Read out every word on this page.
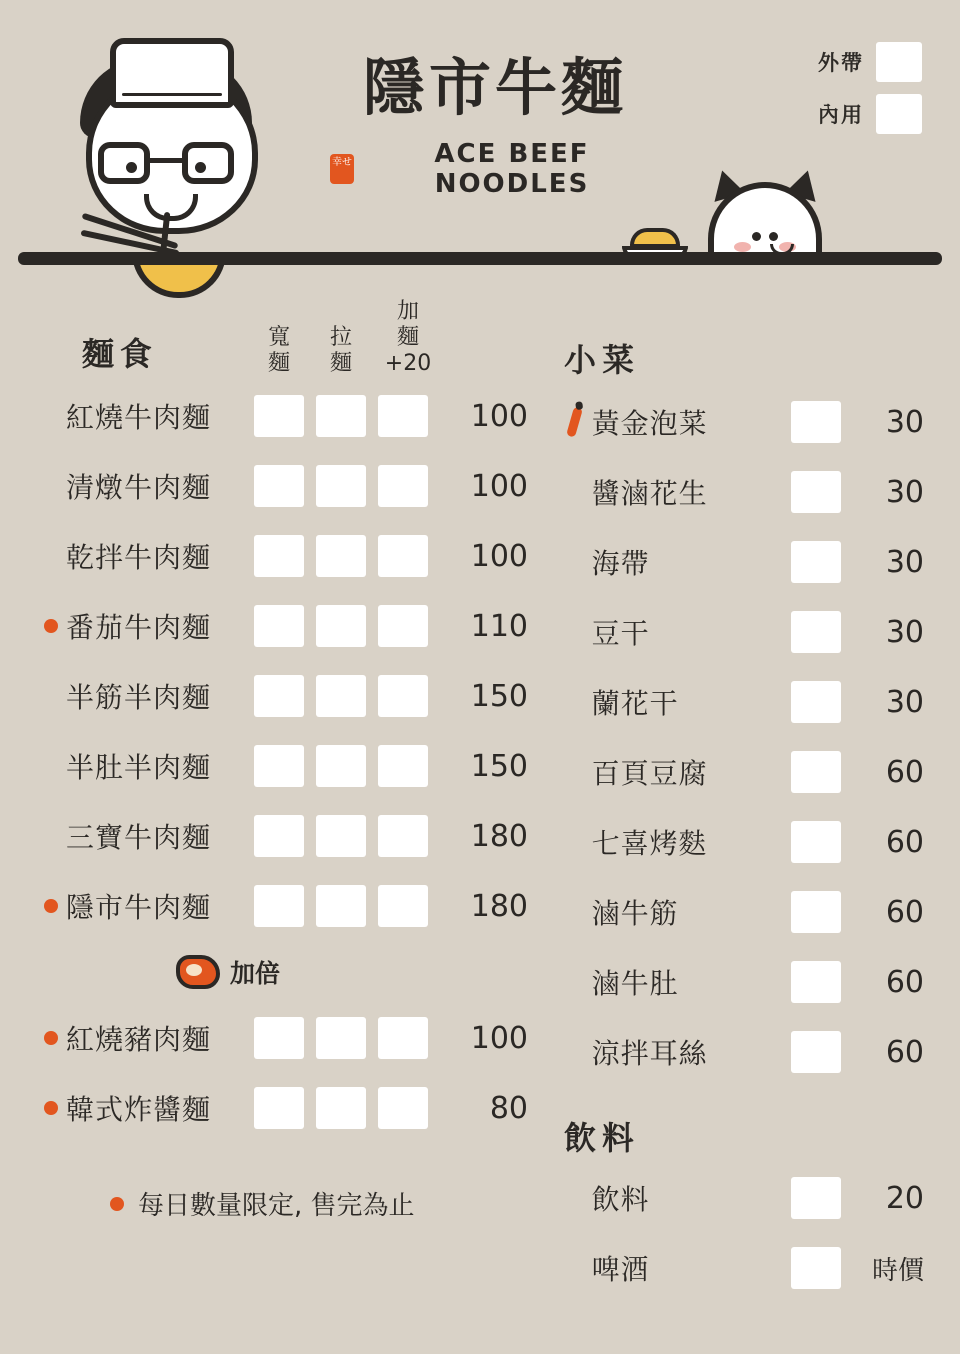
隱市牛麵
幸せ	ACE BEEF NOODLES
外帶
內用
麵食	寬
麵
拉
麵
加
麵
+20
紅燒牛肉麵	100
清燉牛肉麵	100
乾拌牛肉麵	100
番茄牛肉麵	110
半筋半肉麵	150
半肚半肉麵	150
三寶牛肉麵	180
隱市牛肉麵	180
加倍
紅燒豬肉麵	100
韓式炸醬麵	80
每日數量限定, 售完為止
小菜
黃金泡菜	30
醬滷花生	30
海帶	30
豆干	30
蘭花干	30
百頁豆腐	60
七喜烤麩	60
滷牛筋	60
滷牛肚	60
涼拌耳絲	60
飲料
飲料	20
啤酒	時價
